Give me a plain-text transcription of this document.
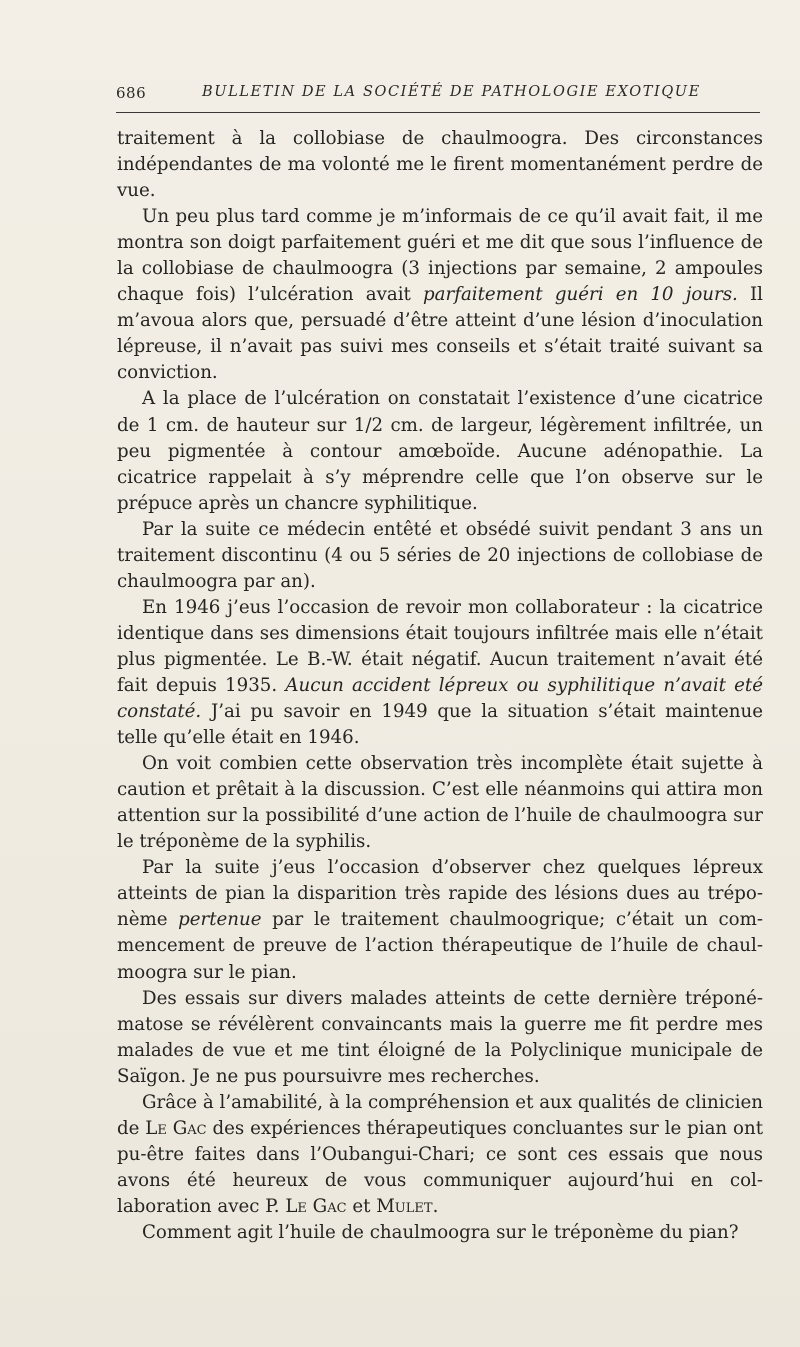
686	BULLETIN DE LA SOCIÉTÉ DE PATHOLOGIE EXOTIQUE

traitement à la collobiase de chaulmoogra. Des circonstances indépendantes de ma volonté me le firent momentanément perdre de vue.

Un peu plus tard comme je m’informais de ce qu’il avait fait, il me montra son doigt parfaitement guéri et me dit que sous l’influence de la collobiase de chaulmoogra (3 injections par semaine, 2 ampoules chaque fois) l’ulcération avait parfaitement guéri en 10 jours. Il m’avoua alors que, persuadé d’être atteint d’une lésion d’inoculation lépreuse, il n’avait pas suivi mes conseils et s’était traité suivant sa conviction.

A la place de l’ulcération on constatait l’existence d’une cicatrice de 1 cm. de hauteur sur 1/2 cm. de largeur, légèrement infiltrée, un peu pigmentée à contour amœboïde. Aucune adénopathie. La cicatrice rappelait à s’y méprendre celle que l’on observe sur le prépuce après un chancre syphilitique.

Par la suite ce médecin entêté et obsédé suivit pendant 3 ans un traitement discontinu (4 ou 5 séries de 20 injections de collobiase de chaulmoogra par an).

En 1946 j’eus l’occasion de revoir mon collaborateur : la cicatrice identique dans ses dimensions était toujours infiltrée mais elle n’était plus pigmentée. Le B.-W. était négatif. Aucun traitement n’avait été fait depuis 1935. Aucun accident lépreux ou syphilitique n’avait eté constaté. J’ai pu savoir en 1949 que la situation s’était maintenue telle qu’elle était en 1946.

On voit combien cette observation très incomplète était sujette à caution et prêtait à la discussion. C’est elle néanmoins qui attira mon attention sur la possibilité d’une action de l’huile de chaulmoogra sur le tréponème de la syphilis.

Par la suite j’eus l’occasion d’observer chez quelques lépreux atteints de pian la disparition très rapide des lésions dues au tréponème pertenue par le traitement chaulmoogrique; c’était un commencement de preuve de l’action thérapeutique de l’huile de chaulmoogra sur le pian.

Des essais sur divers malades atteints de cette dernière tréponématose se révélèrent convaincants mais la guerre me fit perdre mes malades de vue et me tint éloigné de la Polyclinique municipale de Saïgon. Je ne pus poursuivre mes recherches.

Grâce à l’amabilité, à la compréhension et aux qualités de clinicien de Le Gac des expériences thérapeutiques concluantes sur le pian ont pu-être faites dans l’Oubangui-Chari; ce sont ces essais que nous avons été heureux de vous communiquer aujourd’hui en collaboration avec P. Le Gac et Mulet.

Comment agit l’huile de chaulmoogra sur le tréponème du pian?
